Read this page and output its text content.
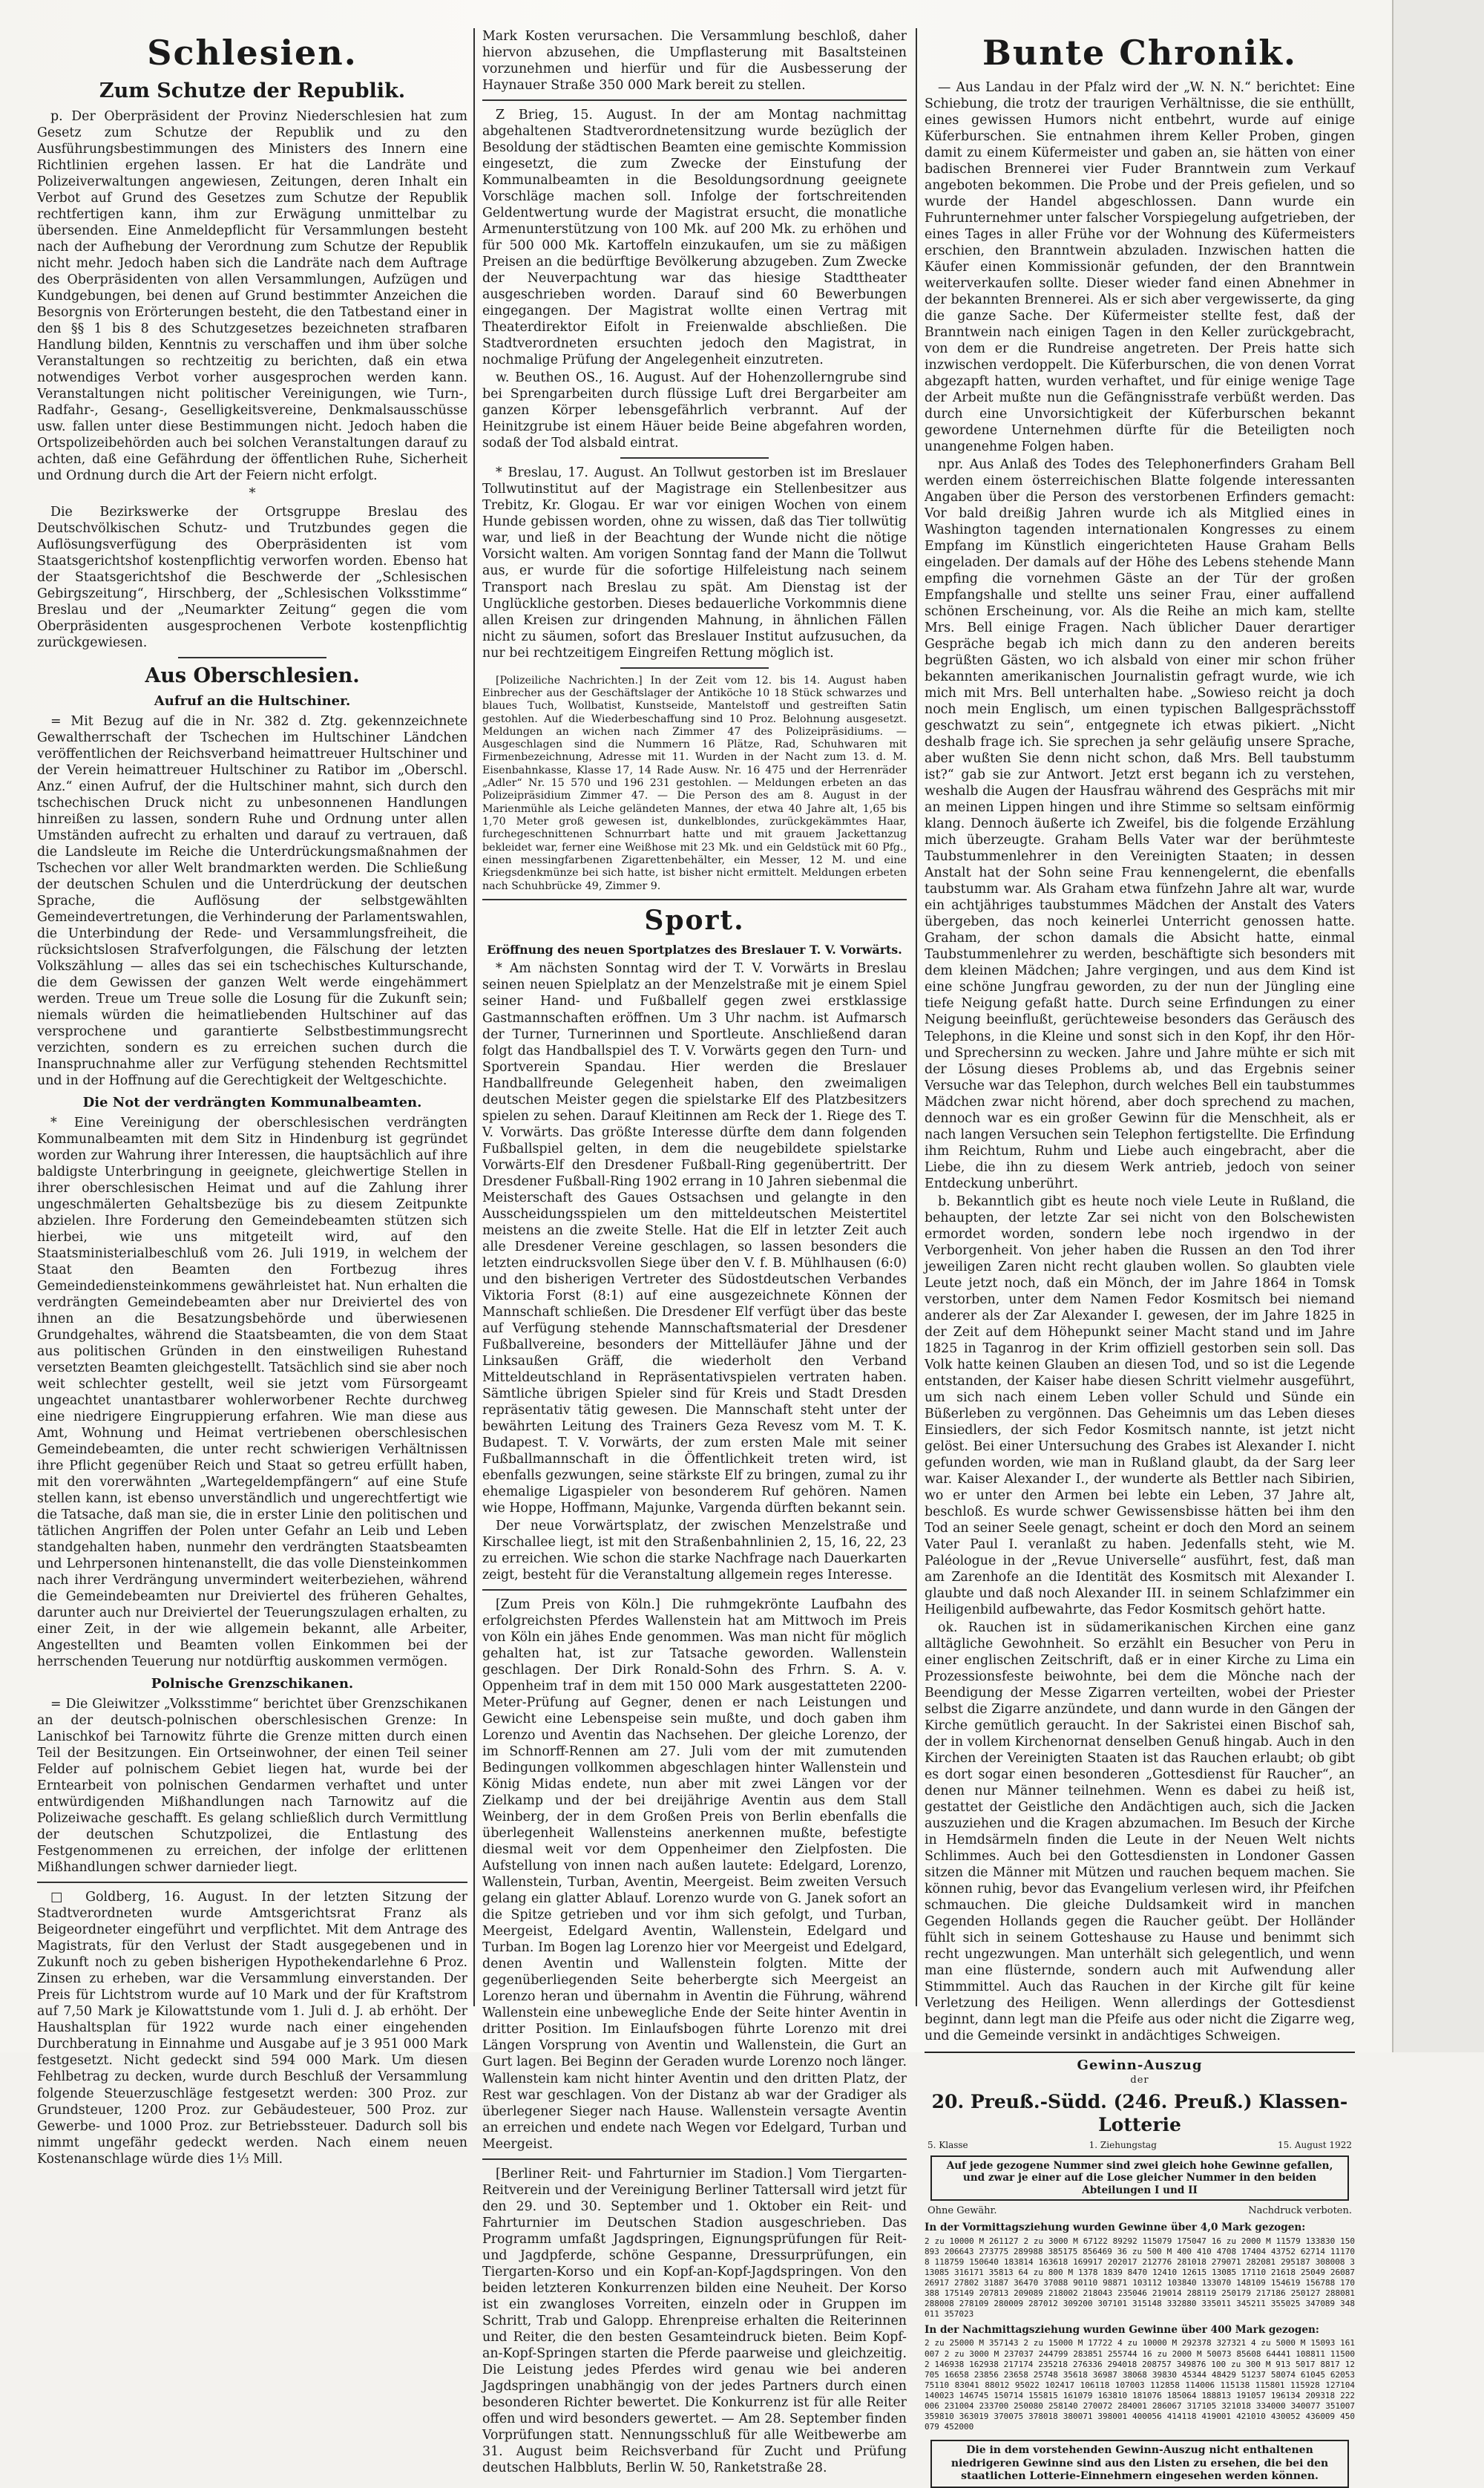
Schlesien.
Zum Schutze der Republik.

p. Der Oberpräsident der Provinz Niederschlesien hat zum Gesetz zum Schutze der Republik und zu den Ausführungsbestimmungen des Ministers des Innern eine Richtlinien ergehen lassen. Er hat die Landräte und Polizeiverwaltungen angewiesen, Zeitungen, deren Inhalt ein Verbot auf Grund des Gesetzes zum Schutze der Republik rechtfertigen kann, ihm zur Erwägung unmittelbar zu übersenden. Eine Anmeldepflicht für Versammlungen besteht nach der Aufhebung der Verordnung zum Schutze der Republik nicht mehr. Jedoch haben sich die Landräte nach dem Auftrage des Oberpräsidenten von allen Versammlungen, Aufzügen und Kundgebungen, bei denen auf Grund bestimmter Anzeichen die Besorgnis von Erörterungen besteht, die den Tatbestand einer in den §§ 1 bis 8 des Schutzgesetzes bezeichneten strafbaren Handlung bilden, Kenntnis zu verschaffen und ihm über solche Veranstaltungen so rechtzeitig zu berichten, daß ein etwa notwendiges Verbot vorher ausgesprochen werden kann. Veranstaltungen nicht politischer Vereinigungen, wie Turn-, Radfahr-, Gesang-, Geselligkeitsvereine, Denkmalsausschüsse usw. fallen unter diese Bestimmungen nicht. Jedoch haben die Ortspolizeibehörden auch bei solchen Veranstaltungen darauf zu achten, daß eine Gefährdung der öffentlichen Ruhe, Sicherheit und Ordnung durch die Art der Feiern nicht erfolgt.

*

Die Bezirkswerke der Ortsgruppe Breslau des Deutschvölkischen Schutz- und Trutzbundes gegen die Auflösungsverfügung des Oberpräsidenten ist vom Staatsgerichtshof kostenpflichtig verworfen worden. Ebenso hat der Staatsgerichtshof die Beschwerde der „Schlesischen Gebirgszeitung“, Hirschberg, der „Schlesischen Volksstimme“ Breslau und der „Neumarkter Zeitung“ gegen die vom Oberpräsidenten ausgesprochenen Verbote kostenpflichtig zurückgewiesen.

Aus Oberschlesien.
Aufruf an die Hultschiner.

= Mit Bezug auf die in Nr. 382 d. Ztg. gekennzeichnete Gewaltherrschaft der Tschechen im Hultschiner Ländchen veröffentlichen der Reichsverband heimattreuer Hultschiner und der Verein heimattreuer Hultschiner zu Ratibor im „Oberschl. Anz.“ einen Aufruf, der die Hultschiner mahnt, sich durch den tschechischen Druck nicht zu unbesonnenen Handlungen hinreißen zu lassen, sondern Ruhe und Ordnung unter allen Umständen aufrecht zu erhalten und darauf zu vertrauen, daß die Landsleute im Reiche die Unterdrückungsmaßnahmen der Tschechen vor aller Welt brandmarkten werden. Die Schließung der deutschen Schulen und die Unterdrückung der deutschen Sprache, die Auflösung der selbstgewählten Gemeindevertretungen, die Verhinderung der Parlamentswahlen, die Unterbindung der Rede- und Versammlungsfreiheit, die rücksichtslosen Strafverfolgungen, die Fälschung der letzten Volkszählung — alles das sei ein tschechisches Kulturschande, die dem Gewissen der ganzen Welt werde eingehämmert werden. Treue um Treue solle die Losung für die Zukunft sein; niemals würden die heimatliebenden Hultschiner auf das versprochene und garantierte Selbstbestimmungsrecht verzichten, sondern es zu erreichen suchen durch die Inanspruchnahme aller zur Verfügung stehenden Rechtsmittel und in der Hoffnung auf die Gerechtigkeit der Weltgeschichte.

Die Not der verdrängten Kommunalbeamten.

* Eine Vereinigung der oberschlesischen verdrängten Kommunalbeamten mit dem Sitz in Hindenburg ist gegründet worden zur Wahrung ihrer Interessen, die hauptsächlich auf ihre baldigste Unterbringung in geeignete, gleichwertige Stellen in ihrer oberschlesischen Heimat und auf die Zahlung ihrer ungeschmälerten Gehaltsbezüge bis zu diesem Zeitpunkte abzielen. Ihre Forderung den Gemeindebeamten stützen sich hierbei, wie uns mitgeteilt wird, auf den Staatsministerialbeschluß vom 26. Juli 1919, in welchem der Staat den Beamten den Fortbezug ihres Gemeindediensteinkommens gewährleistet hat. Nun erhalten die verdrängten Gemeindebeamten aber nur Dreiviertel des von ihnen an die Besatzungsbehörde und überwiesenen Grundgehaltes, während die Staatsbeamten, die von dem Staat aus politischen Gründen in den einstweiligen Ruhestand versetzten Beamten gleichgestellt. Tatsächlich sind sie aber noch weit schlechter gestellt, weil sie jetzt vom Fürsorgeamt ungeachtet unantastbarer wohlerworbener Rechte durchweg eine niedrigere Eingruppierung erfahren. Wie man diese aus Amt, Wohnung und Heimat vertriebenen oberschlesischen Gemeindebeamten, die unter recht schwierigen Verhältnissen ihre Pflicht gegenüber Reich und Staat so getreu erfüllt haben, mit den vorerwähnten „Wartegeldempfängern“ auf eine Stufe stellen kann, ist ebenso unverständlich und ungerechtfertigt wie die Tatsache, daß man sie, die in erster Linie den politischen und tätlichen Angriffen der Polen unter Gefahr an Leib und Leben standgehalten haben, nunmehr den verdrängten Staatsbeamten und Lehrpersonen hintenanstellt, die das volle Diensteinkommen nach ihrer Verdrängung unvermindert weiterbeziehen, während die Gemeindebeamten nur Dreiviertel des früheren Gehaltes, darunter auch nur Dreiviertel der Teuerungszulagen erhalten, zu einer Zeit, in der wie allgemein bekannt, alle Arbeiter, Angestellten und Beamten vollen Einkommen bei der herrschenden Teuerung nur notdürftig auskommen vermögen.

Polnische Grenzschikanen.

= Die Gleiwitzer „Volksstimme“ berichtet über Grenzschikanen an der deutsch-polnischen oberschlesischen Grenze: In Lanischkof bei Tarnowitz führte die Grenze mitten durch einen Teil der Besitzungen. Ein Ortseinwohner, der einen Teil seiner Felder auf polnischem Gebiet liegen hat, wurde bei der Erntearbeit von polnischen Gendarmen verhaftet und unter entwürdigenden Mißhandlungen nach Tarnowitz auf die Polizeiwache geschafft. Es gelang schließlich durch Vermittlung der deutschen Schutzpolizei, die Entlastung des Festgenommenen zu erreichen, der infolge der erlittenen Mißhandlungen schwer darnieder liegt.

□ Goldberg, 16. August. In der letzten Sitzung der Stadtverordneten wurde Amtsgerichtsrat Franz als Beigeordneter eingeführt und verpflichtet. Mit dem Antrage des Magistrats, für den Verlust der Stadt ausgegebenen und in Zukunft noch zu geben bisherigen Hypothekendarlehne 6 Proz. Zinsen zu erheben, war die Versammlung einverstanden. Der Preis für Lichtstrom wurde auf 10 Mark und der für Kraftstrom auf 7,50 Mark je Kilowattstunde vom 1. Juli d. J. ab erhöht. Der Haushaltsplan für 1922 wurde nach einer eingehenden Durchberatung in Einnahme und Ausgabe auf je 3 951 000 Mark festgesetzt. Nicht gedeckt sind 594 000 Mark. Um diesen Fehlbetrag zu decken, wurde durch Beschluß der Versammlung folgende Steuerzuschläge festgesetzt werden: 300 Proz. zur Grundsteuer, 1200 Proz. zur Gebäudesteuer, 500 Proz. zur Gewerbe- und 1000 Proz. zur Betriebssteuer. Dadurch soll bis nimmt ungefähr gedeckt werden. Nach einem neuen Kostenanschlage würde dies 1⅓ Mill.

Mark Kosten verursachen. Die Versammlung beschloß, daher hiervon abzusehen, die Umpflasterung mit Basaltsteinen vorzunehmen und hierfür und für die Ausbesserung der Haynauer Straße 350 000 Mark bereit zu stellen.

Z Brieg, 15. August. In der am Montag nachmittag abgehaltenen Stadtverordnetensitzung wurde bezüglich der Besoldung der städtischen Beamten eine gemischte Kommission eingesetzt, die zum Zwecke der Einstufung der Kommunalbeamten in die Besoldungsordnung geeignete Vorschläge machen soll. Infolge der fortschreitenden Geldentwertung wurde der Magistrat ersucht, die monatliche Armenunterstützung von 100 Mk. auf 200 Mk. zu erhöhen und für 500 000 Mk. Kartoffeln einzukaufen, um sie zu mäßigen Preisen an die bedürftige Bevölkerung abzugeben. Zum Zwecke der Neuverpachtung war das hiesige Stadttheater ausgeschrieben worden. Darauf sind 60 Bewerbungen eingegangen. Der Magistrat wollte einen Vertrag mit Theaterdirektor Eifolt in Freienwalde abschließen. Die Stadtverordneten ersuchten jedoch den Magistrat, in nochmalige Prüfung der Angelegenheit einzutreten.

w. Beuthen OS., 16. August. Auf der Hohenzollerngrube sind bei Sprengarbeiten durch flüssige Luft drei Bergarbeiter am ganzen Körper lebensgefährlich verbrannt. Auf der Heinitzgrube ist einem Häuer beide Beine abgefahren worden, sodaß der Tod alsbald eintrat.

* Breslau, 17. August. An Tollwut gestorben ist im Breslauer Tollwutinstitut auf der Magistrage ein Stellenbesitzer aus Trebitz, Kr. Glogau. Er war vor einigen Wochen von einem Hunde gebissen worden, ohne zu wissen, daß das Tier tollwütig war, und ließ in der Beachtung der Wunde nicht die nötige Vorsicht walten. Am vorigen Sonntag fand der Mann die Tollwut aus, er wurde für die sofortige Hilfeleistung nach seinem Transport nach Breslau zu spät. Am Dienstag ist der Unglückliche gestorben. Dieses bedauerliche Vorkommnis diene allen Kreisen zur dringenden Mahnung, in ähnlichen Fällen nicht zu säumen, sofort das Breslauer Institut aufzusuchen, da nur bei rechtzeitigem Eingreifen Rettung möglich ist.

[Polizeiliche Nachrichten.] In der Zeit vom 12. bis 14. August haben Einbrecher aus der Geschäftslager der Antiköche 10 18 Stück schwarzes und blaues Tuch, Wollbatist, Kunstseide, Mantelstoff und gestreiften Satin gestohlen. Auf die Wiederbeschaffung sind 10 Proz. Belohnung ausgesetzt. Meldungen an wichen nach Zimmer 47 des Polizeipräsidiums. — Ausgeschlagen sind die Nummern 16 Plätze, Rad, Schuhwaren mit Firmenbezeichnung, Adresse mit 11. Wurden in der Nacht zum 13. d. M. Eisenbahnkasse, Klasse 17, 14 Rade Ausw. Nr. 16 475 und der Herrenräder „Adler“ Nr. 15 570 und 196 231 gestohlen. — Meldungen erbeten an das Polizeipräsidium Zimmer 47. — Die Person des am 8. August in der Marienmühle als Leiche geländeten Mannes, der etwa 40 Jahre alt, 1,65 bis 1,70 Meter groß gewesen ist, dunkelblondes, zurückgekämmtes Haar, furchegeschnittenen Schnurrbart hatte und mit grauem Jackettanzug bekleidet war, ferner eine Weißhose mit 23 Mk. und ein Geldstück mit 60 Pfg., einen messingfarbenen Zigarettenbehälter, ein Messer, 12 M. und eine Kriegsdenkmünze bei sich hatte, ist bisher nicht ermittelt. Meldungen erbeten nach Schuhbrücke 49, Zimmer 9.

Sport.
Eröffnung des neuen Sportplatzes des Breslauer T. V. Vorwärts.

* Am nächsten Sonntag wird der T. V. Vorwärts in Breslau seinen neuen Spielplatz an der Menzelstraße mit je einem Spiel seiner Hand- und Fußballelf gegen zwei erstklassige Gastmannschaften eröffnen. Um 3 Uhr nachm. ist Aufmarsch der Turner, Turnerinnen und Sportleute. Anschließend daran folgt das Handballspiel des T. V. Vorwärts gegen den Turn- und Sportverein Spandau. Hier werden die Breslauer Handballfreunde Gelegenheit haben, den zweimaligen deutschen Meister gegen die spielstarke Elf des Platzbesitzers spielen zu sehen. Darauf Kleitinnen am Reck der 1. Riege des T. V. Vorwärts. Das größte Interesse dürfte dem dann folgenden Fußballspiel gelten, in dem die neugebildete spielstarke Vorwärts-Elf den Dresdener Fußball-Ring gegenübertritt. Der Dresdener Fußball-Ring 1902 errang in 10 Jahren siebenmal die Meisterschaft des Gaues Ostsachsen und gelangte in den Ausscheidungsspielen um den mitteldeutschen Meistertitel meistens an die zweite Stelle. Hat die Elf in letzter Zeit auch alle Dresdener Vereine geschlagen, so lassen besonders die letzten eindrucksvollen Siege über den V. f. B. Mühlhausen (6:0) und den bisherigen Vertreter des Südostdeutschen Verbandes Viktoria Forst (8:1) auf eine ausgezeichnete Können der Mannschaft schließen. Die Dresdener Elf verfügt über das beste auf Verfügung stehende Mannschaftsmaterial der Dresdener Fußballvereine, besonders der Mittelläufer Jähne und der Linksaußen Gräff, die wiederholt den Verband Mitteldeutschland in Repräsentativspielen vertraten haben. Sämtliche übrigen Spieler sind für Kreis und Stadt Dresden repräsentativ tätig gewesen. Die Mannschaft steht unter der bewährten Leitung des Trainers Geza Revesz vom M. T. K. Budapest. T. V. Vorwärts, der zum ersten Male mit seiner Fußballmannschaft in die Öffentlichkeit treten wird, ist ebenfalls gezwungen, seine stärkste Elf zu bringen, zumal zu ihr ehemalige Ligaspieler von besonderem Ruf gehören. Namen wie Hoppe, Hoffmann, Majunke, Vargenda dürften bekannt sein.

Der neue Vorwärtsplatz, der zwischen Menzelstraße und Kirschallee liegt, ist mit den Straßenbahnlinien 2, 15, 16, 22, 23 zu erreichen. Wie schon die starke Nachfrage nach Dauerkarten zeigt, besteht für die Veranstaltung allgemein reges Interesse.

[Zum Preis von Köln.] Die ruhmgekrönte Laufbahn des erfolgreichsten Pferdes Wallenstein hat am Mittwoch im Preis von Köln ein jähes Ende genommen. Was man nicht für möglich gehalten hat, ist zur Tatsache geworden. Wallenstein geschlagen. Der Dirk Ronald-Sohn des Frhrn. S. A. v. Oppenheim traf in dem mit 150 000 Mark ausgestatteten 2200-Meter-Prüfung auf Gegner, denen er nach Leistungen und Gewicht eine Lebenspeise sein mußte, und doch gaben ihm Lorenzo und Aventin das Nachsehen. Der gleiche Lorenzo, der im Schnorff-Rennen am 27. Juli vom der mit zumutenden Bedingungen vollkommen abgeschlagen hinter Wallenstein und König Midas endete, nun aber mit zwei Längen vor der Zielkamp und der bei dreijährige Aventin aus dem Stall Weinberg, der in dem Großen Preis von Berlin ebenfalls die überlegenheit Wallensteins anerkennen mußte, befestigte diesmal weit vor dem Oppenheimer den Zielpfosten. Die Aufstellung von innen nach außen lautete: Edelgard, Lorenzo, Wallenstein, Turban, Aventin, Meergeist. Beim zweiten Versuch gelang ein glatter Ablauf. Lorenzo wurde von G. Janek sofort an die Spitze getrieben und vor ihm sich gefolgt, und Turban, Meergeist, Edelgard Aventin, Wallenstein, Edelgard und Turban. Im Bogen lag Lorenzo hier vor Meergeist und Edelgard, denen Aventin und Wallenstein folgten. Mitte der gegenüberliegenden Seite beherbergte sich Meergeist an Lorenzo heran und übernahm in Aventin die Führung, während Wallenstein eine unbewegliche Ende der Seite hinter Aventin in dritter Position. Im Einlaufsbogen führte Lorenzo mit drei Längen Vorsprung von Aventin und Wallenstein, die Gurt an Gurt lagen. Bei Beginn der Geraden wurde Lorenzo noch länger. Wallenstein kam nicht hinter Aventin und den dritten Platz, der Rest war geschlagen. Von der Distanz ab war der Gradiger als überlegener Sieger nach Hause. Wallenstein versagte Aventin an erreichen und endete nach Wegen vor Edelgard, Turban und Meergeist.

[Berliner Reit- und Fahrturnier im Stadion.] Vom Tiergarten-Reitverein und der Vereinigung Berliner Tattersall wird jetzt für den 29. und 30. September und 1. Oktober ein Reit- und Fahrturnier im Deutschen Stadion ausgeschrieben. Das Programm umfaßt Jagdspringen, Eignungsprüfungen für Reit- und Jagdpferde, schöne Gespanne, Dressurprüfungen, ein Tiergarten-Korso und ein Kopf-an-Kopf-Jagdspringen. Von den beiden letzteren Konkurrenzen bilden eine Neuheit. Der Korso ist ein zwangloses Vorreiten, einzeln oder in Gruppen im Schritt, Trab und Galopp. Ehrenpreise erhalten die Reiterinnen und Reiter, die den besten Gesamteindruck bieten. Beim Kopf-an-Kopf-Springen starten die Pferde paarweise und gleichzeitig. Die Leistung jedes Pferdes wird genau wie bei anderen Jagdspringen unabhängig von der jedes Partners durch einen besonderen Richter bewertet. Die Konkurrenz ist für alle Reiter offen und wird besonders gewertet. — Am 28. September finden Vorprüfungen statt. Nennungsschluß für alle Weitbewerbe am 31. August beim Reichsverband für Zucht und Prüfung deutschen Halbbluts, Berlin W. 50, Ranketstraße 28.

Bunte Chronik.

— Aus Landau in der Pfalz wird der „W. N. N.“ berichtet: Eine Schiebung, die trotz der traurigen Verhältnisse, die sie enthüllt, eines gewissen Humors nicht entbehrt, wurde auf einige Küferburschen. Sie entnahmen ihrem Keller Proben, gingen damit zu einem Küfermeister und gaben an, sie hätten von einer badischen Brennerei vier Fuder Branntwein zum Verkauf angeboten bekommen. Die Probe und der Preis gefielen, und so wurde der Handel abgeschlossen. Dann wurde ein Fuhrunternehmer unter falscher Vorspiegelung aufgetrieben, der eines Tages in aller Frühe vor der Wohnung des Küfermeisters erschien, den Branntwein abzuladen. Inzwischen hatten die Käufer einen Kommissionär gefunden, der den Branntwein weiterverkaufen sollte. Dieser wieder fand einen Abnehmer in der bekannten Brennerei. Als er sich aber vergewisserte, da ging die ganze Sache. Der Küfermeister stellte fest, daß der Branntwein nach einigen Tagen in den Keller zurückgebracht, von dem er die Rundreise angetreten. Der Preis hatte sich inzwischen verdoppelt. Die Küferburschen, die von denen Vorrat abgezapft hatten, wurden verhaftet, und für einige wenige Tage der Arbeit mußte nun die Gefängnisstrafe verbüßt werden. Das durch eine Unvorsichtigkeit der Küferburschen bekannt gewordene Unternehmen dürfte für die Beteiligten noch unangenehme Folgen haben.

npr. Aus Anlaß des Todes des Telephonerfinders Graham Bell werden einem österreichischen Blatte folgende interessanten Angaben über die Person des verstorbenen Erfinders gemacht: Vor bald dreißig Jahren wurde ich als Mitglied eines in Washington tagenden internationalen Kongresses zu einem Empfang im Künstlich eingerichteten Hause Graham Bells eingeladen. Der damals auf der Höhe des Lebens stehende Mann empfing die vornehmen Gäste an der Tür der großen Empfangshalle und stellte uns seiner Frau, einer auffallend schönen Erscheinung, vor. Als die Reihe an mich kam, stellte Mrs. Bell einige Fragen. Nach üblicher Dauer derartiger Gespräche begab ich mich dann zu den anderen bereits begrüßten Gästen, wo ich alsbald von einer mir schon früher bekannten amerikanischen Journalistin gefragt wurde, wie ich mich mit Mrs. Bell unterhalten habe. „Sowieso reicht ja doch noch mein Englisch, um einen typischen Ballgesprächsstoff geschwatzt zu sein“, entgegnete ich etwas pikiert. „Nicht deshalb frage ich. Sie sprechen ja sehr geläufig unsere Sprache, aber wußten Sie denn nicht schon, daß Mrs. Bell taubstumm ist?“ gab sie zur Antwort. Jetzt erst begann ich zu verstehen, weshalb die Augen der Hausfrau während des Gesprächs mit mir an meinen Lippen hingen und ihre Stimme so seltsam einförmig klang. Dennoch äußerte ich Zweifel, bis die folgende Erzählung mich überzeugte. Graham Bells Vater war der berühmteste Taubstummenlehrer in den Vereinigten Staaten; in dessen Anstalt hat der Sohn seine Frau kennengelernt, die ebenfalls taubstumm war. Als Graham etwa fünfzehn Jahre alt war, wurde ein achtjähriges taubstummes Mädchen der Anstalt des Vaters übergeben, das noch keinerlei Unterricht genossen hatte. Graham, der schon damals die Absicht hatte, einmal Taubstummenlehrer zu werden, beschäftigte sich besonders mit dem kleinen Mädchen; Jahre vergingen, und aus dem Kind ist eine schöne Jungfrau geworden, zu der nun der Jüngling eine tiefe Neigung gefaßt hatte. Durch seine Erfindungen zu einer Neigung beeinflußt, gerüchteweise besonders das Geräusch des Telephons, in die Kleine und sonst sich in den Kopf, ihr den Hör- und Sprechersinn zu wecken. Jahre und Jahre mühte er sich mit der Lösung dieses Problems ab, und das Ergebnis seiner Versuche war das Telephon, durch welches Bell ein taubstummes Mädchen zwar nicht hörend, aber doch sprechend zu machen, dennoch war es ein großer Gewinn für die Menschheit, als er nach langen Versuchen sein Telephon fertigstellte. Die Erfindung ihm Reichtum, Ruhm und Liebe auch eingebracht, aber die Liebe, die ihn zu diesem Werk antrieb, jedoch von seiner Entdeckung unberührt.

b. Bekanntlich gibt es heute noch viele Leute in Rußland, die behaupten, der letzte Zar sei nicht von den Bolschewisten ermordet worden, sondern lebe noch irgendwo in der Verborgenheit. Von jeher haben die Russen an den Tod ihrer jeweiligen Zaren nicht recht glauben wollen. So glaubten viele Leute jetzt noch, daß ein Mönch, der im Jahre 1864 in Tomsk verstorben, unter dem Namen Fedor Kosmitsch bei niemand anderer als der Zar Alexander I. gewesen, der im Jahre 1825 in der Zeit auf dem Höhepunkt seiner Macht stand und im Jahre 1825 in Taganrog in der Krim offiziell gestorben sein soll. Das Volk hatte keinen Glauben an diesen Tod, und so ist die Legende entstanden, der Kaiser habe diesen Schritt vielmehr ausgeführt, um sich nach einem Leben voller Schuld und Sünde ein Büßerleben zu vergönnen. Das Geheimnis um das Leben dieses Einsiedlers, der sich Fedor Kosmitsch nannte, ist jetzt nicht gelöst. Bei einer Untersuchung des Grabes ist Alexander I. nicht gefunden worden, wie man in Rußland glaubt, da der Sarg leer war. Kaiser Alexander I., der wunderte als Bettler nach Sibirien, wo er unter den Armen bei lebte ein Leben, 37 Jahre alt, beschloß. Es wurde schwer Gewissensbisse hätten bei ihm den Tod an seiner Seele genagt, scheint er doch den Mord an seinem Vater Paul I. veranlaßt zu haben. Jedenfalls steht, wie M. Paléologue in der „Revue Universelle“ ausführt, fest, daß man am Zarenhofe an die Identität des Kosmitsch mit Alexander I. glaubte und daß noch Alexander III. in seinem Schlafzimmer ein Heiligenbild aufbewahrte, das Fedor Kosmitsch gehört hatte.

ok. Rauchen ist in südamerikanischen Kirchen eine ganz alltägliche Gewohnheit. So erzählt ein Besucher von Peru in einer englischen Zeitschrift, daß er in einer Kirche zu Lima ein Prozessionsfeste beiwohnte, bei dem die Mönche nach der Beendigung der Messe Zigarren verteilten, wobei der Priester selbst die Zigarre anzündete, und dann wurde in den Gängen der Kirche gemütlich geraucht. In der Sakristei einen Bischof sah, der in vollem Kirchenornat denselben Genuß hingab. Auch in den Kirchen der Vereinigten Staaten ist das Rauchen erlaubt; ob gibt es dort sogar einen besonderen „Gottesdienst für Raucher“, an denen nur Männer teilnehmen. Wenn es dabei zu heiß ist, gestattet der Geistliche den Andächtigen auch, sich die Jacken auszuziehen und die Kragen abzumachen. Im Besuch der Kirche in Hemdsärmeln finden die Leute in der Neuen Welt nichts Schlimmes. Auch bei den Gottesdiensten in Londoner Gassen sitzen die Männer mit Mützen und rauchen bequem machen. Sie können ruhig, bevor das Evangelium verlesen wird, ihr Pfeifchen schmauchen. Die gleiche Duldsamkeit wird in manchen Gegenden Hollands gegen die Raucher geübt. Der Holländer fühlt sich in seinem Gotteshause zu Hause und benimmt sich recht ungezwungen. Man unterhält sich gelegentlich, und wenn man eine flüsternde, sondern auch mit Aufwendung aller Stimmmittel. Auch das Rauchen in der Kirche gilt für keine Verletzung des Heiligen. Wenn allerdings der Gottesdienst beginnt, dann legt man die Pfeife aus oder nicht die Zigarre weg, und die Gemeinde versinkt in andächtiges Schweigen.

Gewinn-Auszug
der
20. Preuß.-Südd. (246. Preuß.) Klassen-Lotterie
5. Klasse	1. Ziehungstag	15. August 1922
Auf jede gezogene Nummer sind zwei gleich hohe Gewinne gefallen, und zwar je einer auf die Lose gleicher Nummer in den beiden Abteilungen I und II
Ohne Gewähr.	Nachdruck verboten.
In der Vormittagsziehung wurden Gewinne über 4,0 Mark gezogen:
2 zu 10000 M 261127 2 zu 3000 M 67122 89292 115079 175047 16 zu 2000 M 11579 133830 150893 206643 273775 289988 385175 856469 36 zu 500 M 400 410 4708 17404 43752 62714 111708 118759 150640 183814 163618 169917 202017 212776 281018 279071 282081 295187 308008 313085 316171 35813 64 zu 800 M 1378 1839 8470 12410 12615 13085 17110 21618 25049 26087 26917 27802 31887 36470 37088 90110 98871 103112 103840 133070 148109 154619 156788 170388 175149 207813 209089 218002 218043 235046 219014 288119 250179 217186 250127 288081 288008 278109 280009 287012 309200 307101 315148 332880 335011 345211 355025 347089 348011 357023
In der Nachmittagsziehung wurden Gewinne über 400 Mark gezogen:
2 zu 25000 M 357143 2 zu 15000 M 17722 4 zu 10000 M 292378 327321 4 zu 5000 M 15093 161007 2 zu 3000 M 237037 244799 283851 255744 16 zu 2000 M 50073 85608 64441 108811 115002 146938 162938 217174 235218 276336 294018 208757 349876 100 zu 300 M 913 5017 8817 12705 16658 23856 23658 25748 35618 36987 38068 39830 45344 48429 51237 58074 61045 62053 75110 83041 88012 95022 102417 106118 107003 112858 114006 115138 115801 115928 127104 140023 146745 150714 155815 161079 163810 181076 185064 188813 191057 196134 209318 222006 231004 233700 250080 258140 270072 284001 286067 317105 321018 334000 340077 351007 359810 363019 370075 378018 380071 398001 400056 414118 419001 421010 430052 436009 450079 452000
Die in dem vorstehenden Gewinn-Auszug nicht enthaltenen niedrigeren Gewinne sind aus den Listen zu ersehen, die bei den staatlichen Lotterie-Einnehmern eingesehen werden können.
